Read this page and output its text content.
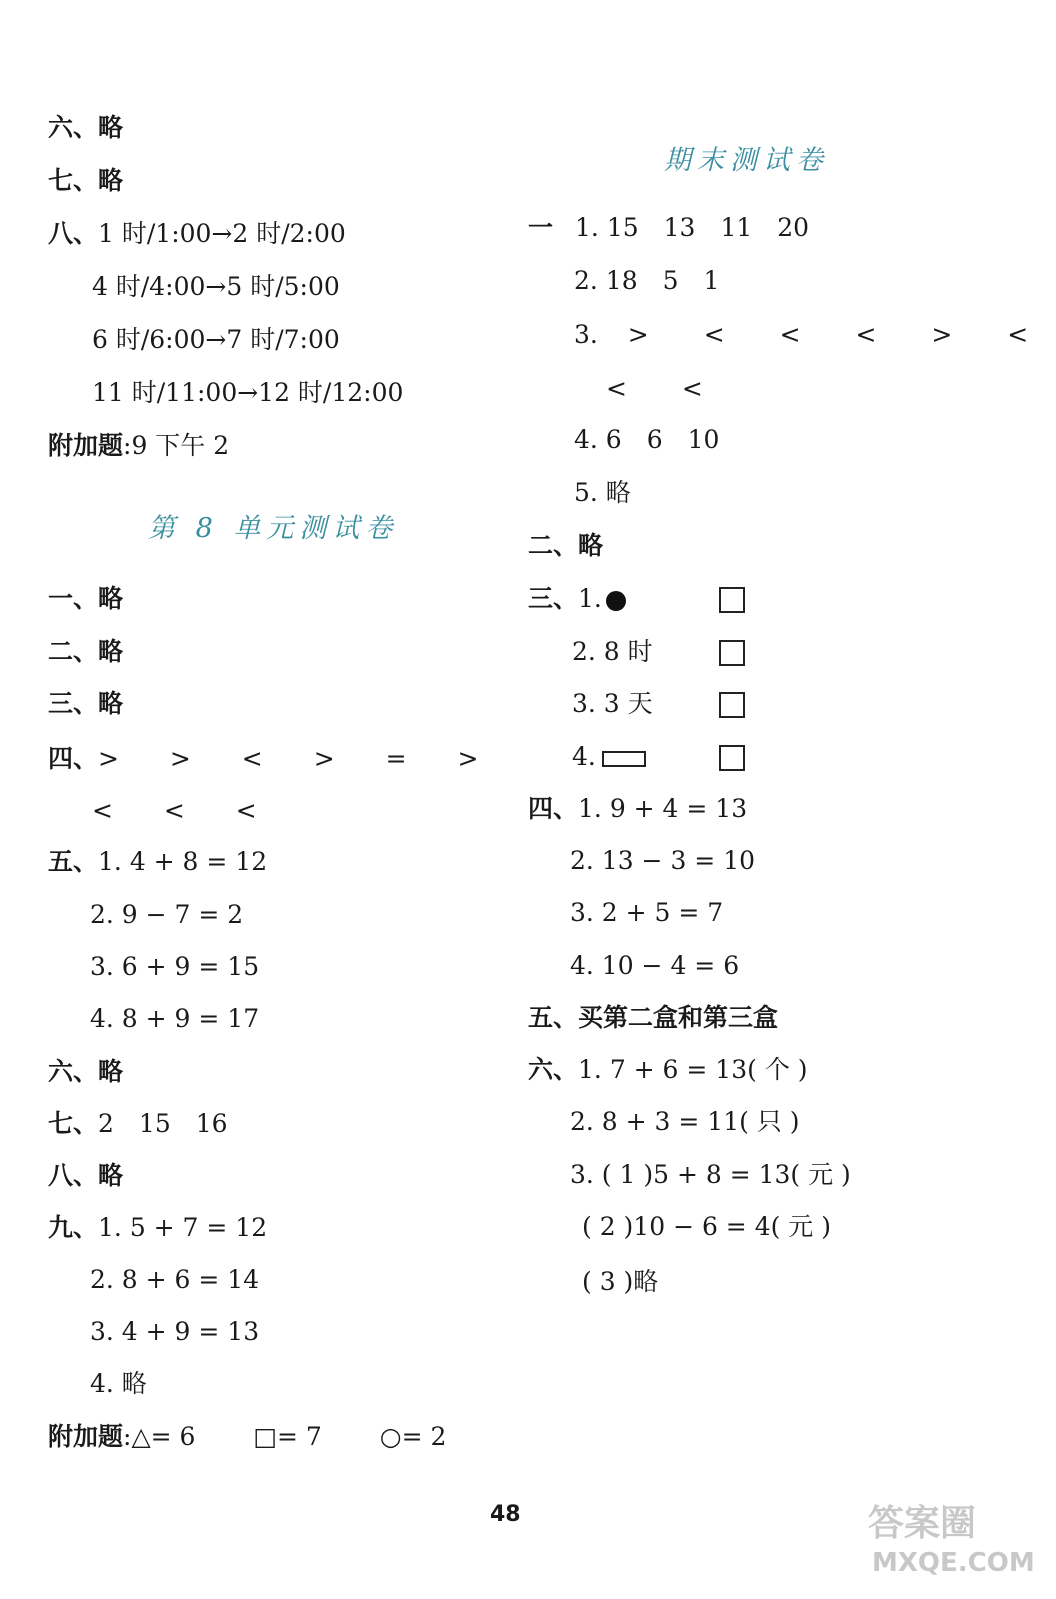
六、略
七、略
八、1 时/1:00→2 时/2:00
4 时/4:00→5 时/5:00
6 时/6:00→7 时/7:00
11 时/11:00→12 时/12:00
附加题:9 下午 2
第 8 单元测试卷
一、略
二、略
三、略
四、>　 >　 <　 >　 =　 >
<　 <　 <
五、1. 4 + 8 = 12
2. 9 − 7 = 2
3. 6 + 9 = 15
4. 8 + 9 = 17
六、略
七、2　15　16
八、略
九、1. 5 + 7 = 12
2. 8 + 6 = 14
3. 4 + 9 = 13
4. 略
附加题:△= 6　　 □= 7　　 ○= 2
期末测试卷
一 1. 15　13　11　20
2. 18　5　1
3. >　 <　 <　 <　 >　 <
<　 <
4. 6　6　10
5. 略
二、略
三、1.
2. 8 时
3. 3 天
4.
四、1. 9 + 4 = 13
2. 13 − 3 = 10
3. 2 + 5 = 7
4. 10 − 4 = 6
五、买第二盒和第三盒
六、1. 7 + 6 = 13( 个 )
2. 8 + 3 = 11( 只 )
3. ( 1 )5 + 8 = 13( 元 )
( 2 )10 − 6 = 4( 元 )
( 3 )略
48	答案圈
MXQE.COM
